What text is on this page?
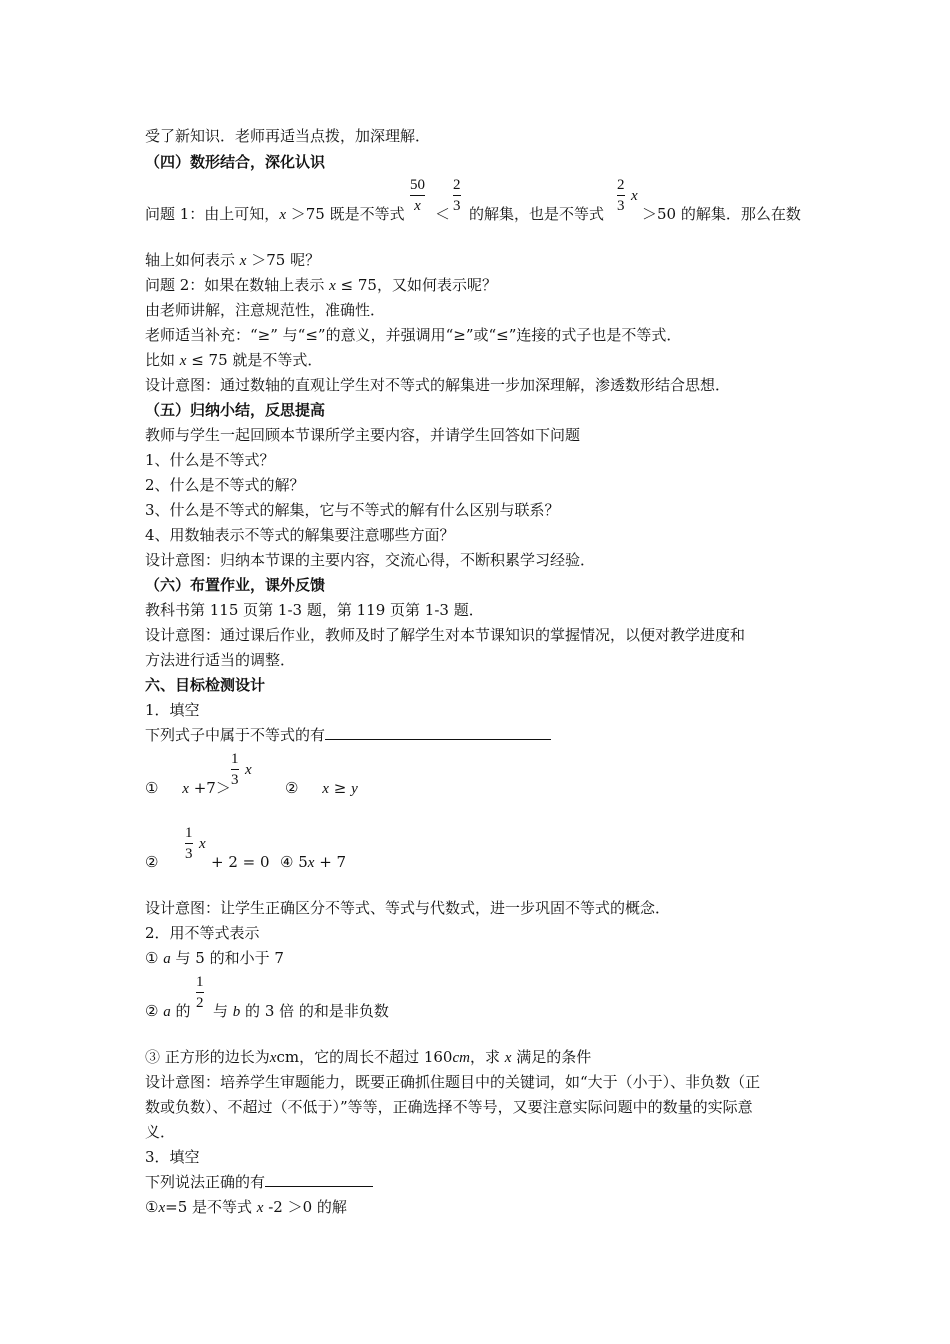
受了新知识．老师再适当点拨，加深理解．
（四）数形结合，深化认识
问题 1：由上可知，x ＞75 既是不等式
50
x ＜
2
3 的解集，也是不等式
2
3
x
＞50 的解集．那么在数
轴上如何表示 x ＞75 呢？
问题 2：如果在数轴上表示 x ≤ 75，又如何表示呢？
由老师讲解，注意规范性，准确性．
老师适当补充：“≥” 与“≤”的意义，并强调用“≥”或“≤”连接的式子也是不等式．
比如 x ≤ 75 就是不等式．
设计意图：通过数轴的直观让学生对不等式的解集进一步加深理解，渗透数形结合思想．
（五）归纳小结，反思提高
教师与学生一起回顾本节课所学主要内容，并请学生回答如下问题
1、什么是不等式？
2、什么是不等式的解？
3、什么是不等式的解集，它与不等式的解有什么区别与联系？
4、用数轴表示不等式的解集要注意哪些方面？
设计意图：归纳本节课的主要内容，交流心得，不断积累学习经验．
（六）布置作业，课外反馈
教科书第 115 页第 1-3 题，第 119 页第 1-3 题．
设计意图：通过课后作业，教师及时了解学生对本节课知识的掌握情况，以便对教学进度和
方法进行适当的调整．
六、目标检测设计
1．填空
下列式子中属于不等式的有
① x +7＞
1
3
x
② x ≥ y
②
1
3
x
+ 2 = 0 ④ 5x + 7
设计意图：让学生正确区分不等式、等式与代数式，进一步巩固不等式的概念．
2．用不等式表示
① a 与 5 的和小于 7
② a 的
1
2 与 b 的 3 倍 的和是非负数
③ 正方形的边长为xcm，它的周长不超过 160cm，求 x 满足的条件
设计意图：培养学生审题能力，既要正确抓住题目中的关键词，如“大于（小于）、非负数（正
数或负数）、不超过（不低于）”等等，正确选择不等号，又要注意实际问题中的数量的实际意
义．
3．填空
下列说法正确的有
①x=5 是不等式 x -2 ＞0 的解
